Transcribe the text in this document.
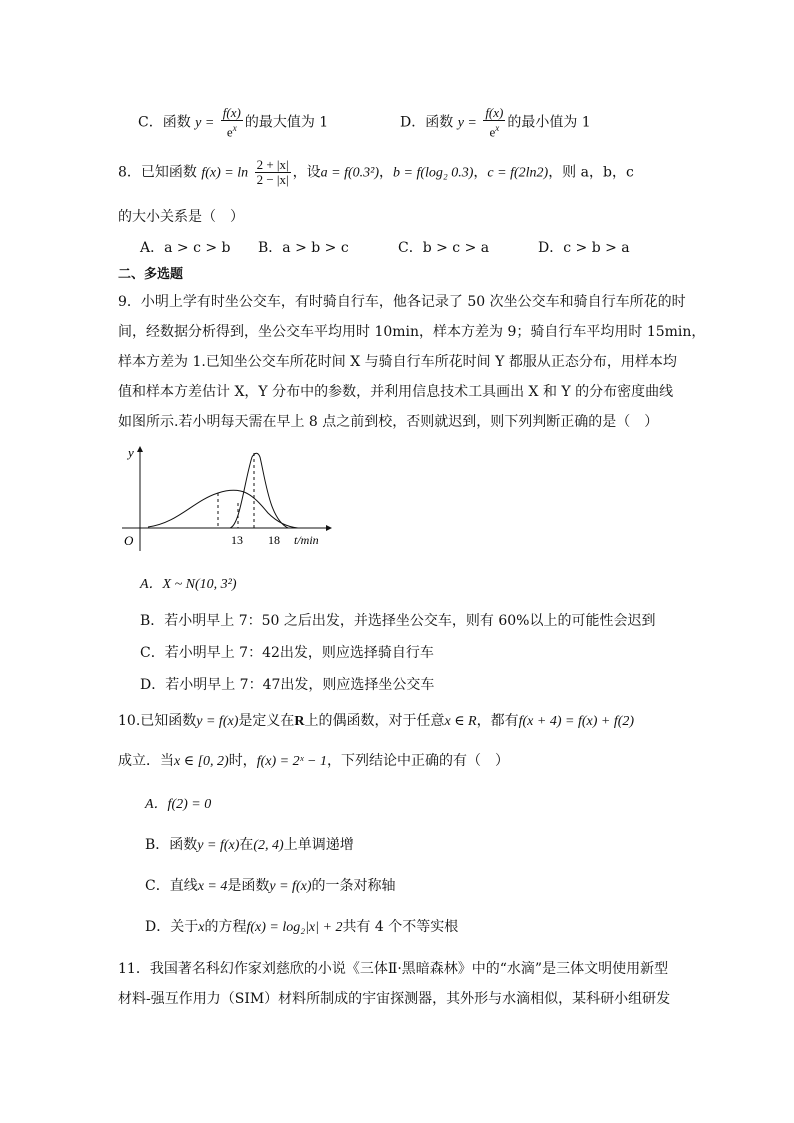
C．函数 $y = \frac{f(x)}{e^x}$ 的最大值为 1	D．函数 $y = \frac{f(x)}{e^x}$ 的最小值为 1
8．已知函数 $f(x) = \ln \frac{2 + |x|}{2 - |x|}$ ，设a = f(0.3²)，b = f(log₂ 0.3)，c = f(2ln2)，则 a，b，c
的大小关系是（　）
A．a > c > b B．a > b > c	C．b > c > a	D．c > b > a
二、多选题
9．小明上学有时坐公交车，有时骑自行车，他各记录了 50 次坐公交车和骑自行车所花的时
间，经数据分析得到，坐公交车平均用时 10min，样本方差为 9；骑自行车平均用时 15min，
样本方差为 1.已知坐公交车所花时间 X 与骑自行车所花时间 Y 都服从正态分布，用样本均
值和样本方差估计 X，Y 分布中的参数，并利用信息技术工具画出 X 和 Y 的分布密度曲线
如图所示.若小明每天需在早上 8 点之前到校，否则就迟到，则下列判断正确的是（　）
y
O	13 18 t/min
A．X ~ N(10, 3²)
B．若小明早上 7：50 之后出发，并选择坐公交车，则有 60%以上的可能性会迟到
C．若小明早上 7：42出发，则应选择骑自行车
D．若小明早上 7：47出发，则应选择坐公交车
10.已知函数y = f(x)是定义在R上的偶函数，对于任意x ∈ R，都有f(x + 4) = f(x) + f(2)
成立．当x ∈ [0, 2)时，f(x) = 2ˣ − 1，下列结论中正确的有（　）
A．f(2) = 0
B．函数y = f(x)在(2, 4)上单调递增
C．直线x = 4是函数y = f(x)的一条对称轴
D．关于x的方程f(x) = log₂|x| + 2共有 4 个不等实根
11．我国著名科幻作家刘慈欣的小说《三体Ⅱ·黑暗森林》中的“水滴”是三体文明使用新型
材料-强互作用力（SIM）材料所制成的宇宙探测器，其外形与水滴相似，某科研小组研发
